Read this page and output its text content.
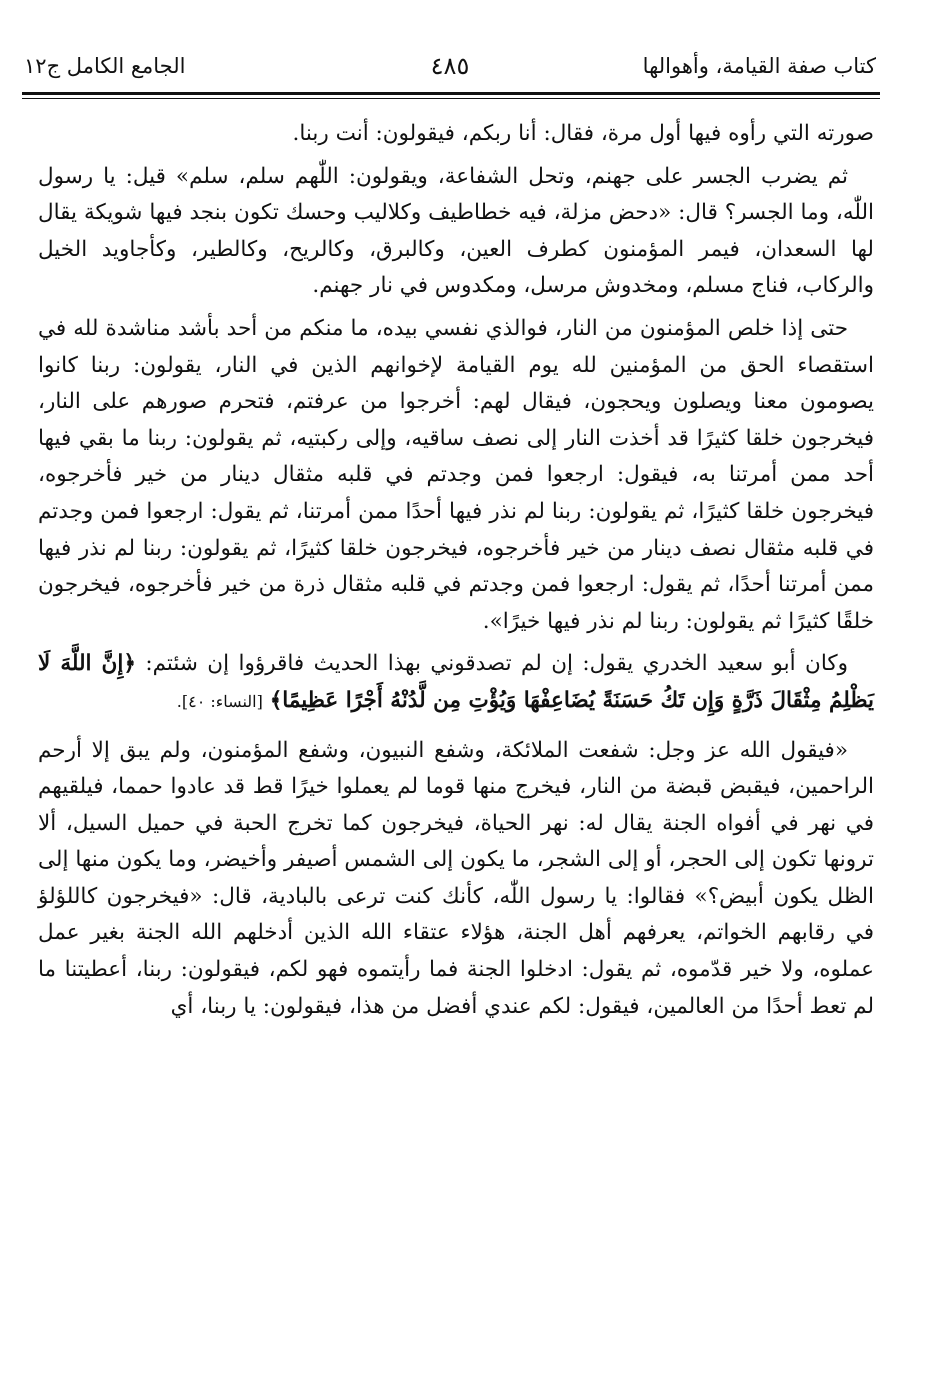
كتاب صفة القيامة، وأهوالها
٤٨٥
الجامع الكامل ج١٢

صورته التي رأوه فيها أول مرة، فقال: أنا ربكم، فيقولون: أنت ربنا.

ثم يضرب الجسر على جهنم، وتحل الشفاعة، ويقولون: اللّٰهم سلم، سلم» قيل: يا رسول اللّٰه، وما الجسر؟ قال: «دحض مزلة، فيه خطاطيف وكلاليب وحسك تكون بنجد فيها شويكة يقال لها السعدان، فيمر المؤمنون كطرف العين، وكالبرق، وكالريح، وكالطير، وكأجاويد الخيل والركاب، فناج مسلم، ومخدوش مرسل، ومكدوس في نار جهنم.

حتى إذا خلص المؤمنون من النار، فوالذي نفسي بيده، ما منكم من أحد بأشد مناشدة لله في استقصاء الحق من المؤمنين لله يوم القيامة لإخوانهم الذين في النار، يقولون: ربنا كانوا يصومون معنا ويصلون ويحجون، فيقال لهم: أخرجوا من عرفتم، فتحرم صورهم على النار، فيخرجون خلقا كثيرًا قد أخذت النار إلى نصف ساقيه، وإلى ركبتيه، ثم يقولون: ربنا ما بقي فيها أحد ممن أمرتنا به، فيقول: ارجعوا فمن وجدتم في قلبه مثقال دينار من خير فأخرجوه، فيخرجون خلقا كثيرًا، ثم يقولون: ربنا لم نذر فيها أحدًا ممن أمرتنا، ثم يقول: ارجعوا فمن وجدتم في قلبه مثقال نصف دينار من خير فأخرجوه، فيخرجون خلقا كثيرًا، ثم يقولون: ربنا لم نذر فيها ممن أمرتنا أحدًا، ثم يقول: ارجعوا فمن وجدتم في قلبه مثقال ذرة من خير فأخرجوه، فيخرجون خلقًا كثيرًا ثم يقولون: ربنا لم نذر فيها خيرًا».

وكان أبو سعيد الخدري يقول: إن لم تصدقوني بهذا الحديث فاقرؤوا إن شئتم: ﴿إِنَّ اللَّهَ لَا يَظْلِمُ مِثْقَالَ ذَرَّةٍ وَإِن تَكُ حَسَنَةً يُضَاعِفْهَا وَيُؤْتِ مِن لَّدُنْهُ أَجْرًا عَظِيمًا﴾ [النساء: ٤٠].

«فيقول الله عز وجل: شفعت الملائكة، وشفع النبيون، وشفع المؤمنون، ولم يبق إلا أرحم الراحمين، فيقبض قبضة من النار، فيخرج منها قوما لم يعملوا خيرًا قط قد عادوا حمما، فيلقيهم في نهر في أفواه الجنة يقال له: نهر الحياة، فيخرجون كما تخرج الحبة في حميل السيل، ألا ترونها تكون إلى الحجر، أو إلى الشجر، ما يكون إلى الشمس أصيفر وأخيضر، وما يكون منها إلى الظل يكون أبيض؟» فقالوا: يا رسول اللّٰه، كأنك كنت ترعى بالبادية، قال: «فيخرجون كاللؤلؤ في رقابهم الخواتم، يعرفهم أهل الجنة، هؤلاء عتقاء الله الذين أدخلهم الله الجنة بغير عمل عملوه، ولا خير قدّموه، ثم يقول: ادخلوا الجنة فما رأيتموه فهو لكم، فيقولون: ربنا، أعطيتنا ما لم تعط أحدًا من العالمين، فيقول: لكم عندي أفضل من هذا، فيقولون: يا ربنا، أي
